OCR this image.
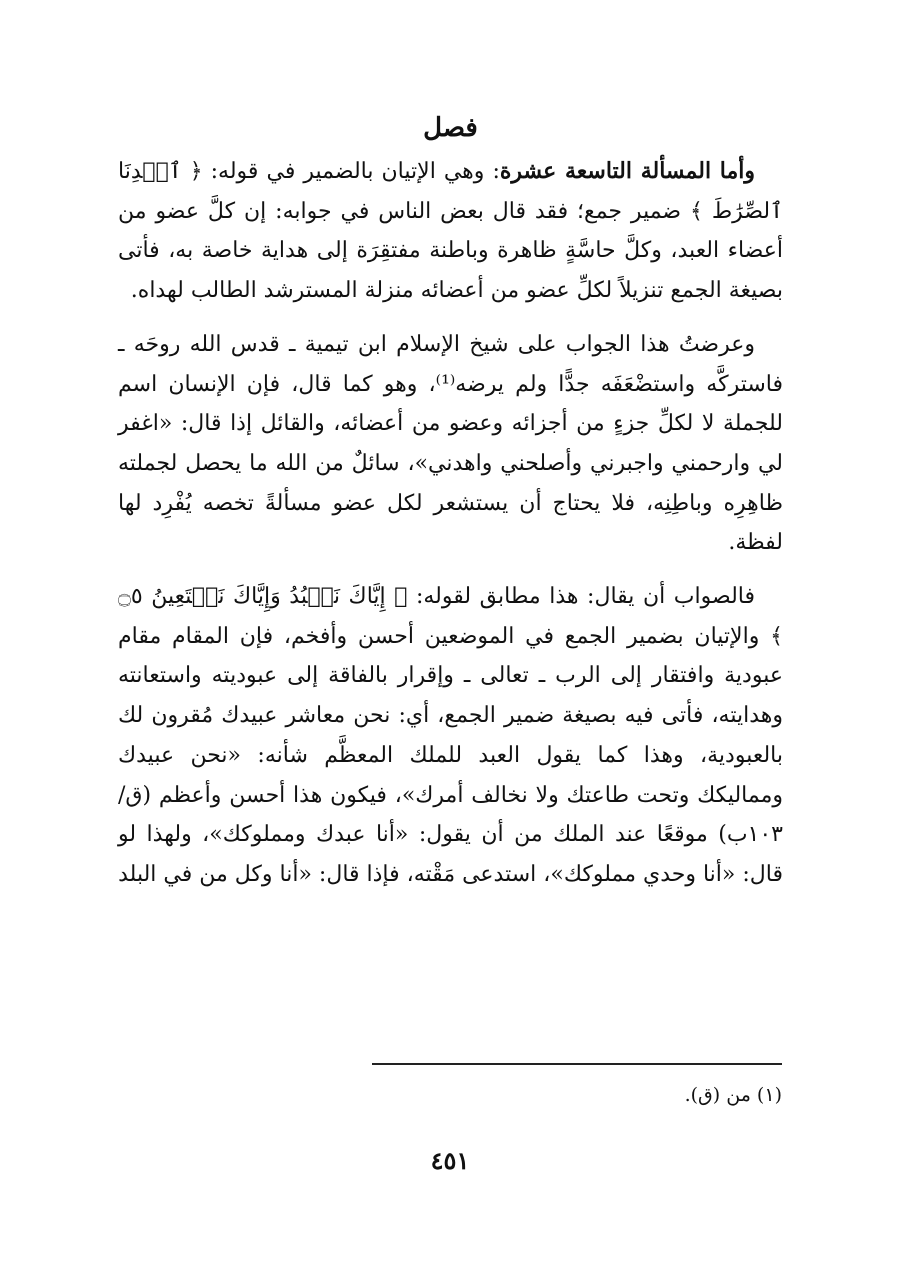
فصل

وأما المسألة التاسعة عشرة: وهي الإتيان بالضمير في قوله: ﴿ ٱهۡدِنَا ٱلصِّرَٰطَ ﴾ ضمير جمع؛ فقد قال بعض الناس في جوابه: إن كلَّ عضو من أعضاء العبد، وكلَّ حاسَّةٍ ظاهرة وباطنة مفتقِرَة إلى هداية خاصة به، فأتى بصيغة الجمع تنزيلاً لكلِّ عضو من أعضائه منزلة المسترشد الطالب لهداه.

وعرضتُ هذا الجواب على شيخ الإسلام ابن تيمية ـ قدس الله روحَه ـ فاستركَّه واستضْعَفَه جدًّا ولم يرضه⁽¹⁾، وهو كما قال، فإن الإنسان اسم للجملة لا لكلِّ جزءٍ من أجزائه وعضو من أعضائه، والقائل إذا قال: «اغفر لي وارحمني واجبرني وأصلحني واهدني»، سائلٌ من الله ما يحصل لجملته ظاهِرِه وباطِنِه، فلا يحتاج أن يستشعر لكل عضو مسألةً تخصه يُفْرِد لها لفظة.

فالصواب أن يقال: هذا مطابق لقوله: ﴿ إِيَّاكَ نَعۡبُدُ وَإِيَّاكَ نَسۡتَعِينُ ۝٥ ﴾ والإتيان بضمير الجمع في الموضعين أحسن وأفخم، فإن المقام مقام عبودية وافتقار إلى الرب ـ تعالى ـ وإقرار بالفاقة إلى عبوديته واستعانته وهدايته، فأتى فيه بصيغة ضمير الجمع، أي: نحن معاشر عبيدك مُقرون لك بالعبودية، وهذا كما يقول العبد للملك المعظَّم شأنه: «نحن عبيدك ومماليكك وتحت طاعتك ولا نخالف أمرك»، فيكون هذا أحسن وأعظم (ق/١٠٣ب) موقعًا عند الملك من أن يقول: «أنا عبدك ومملوكك»، ولهذا لو قال: «أنا وحدي مملوكك»، استدعى مَقْته، فإذا قال: «أنا وكل من في البلد

(١) من (ق).
٤٥١
